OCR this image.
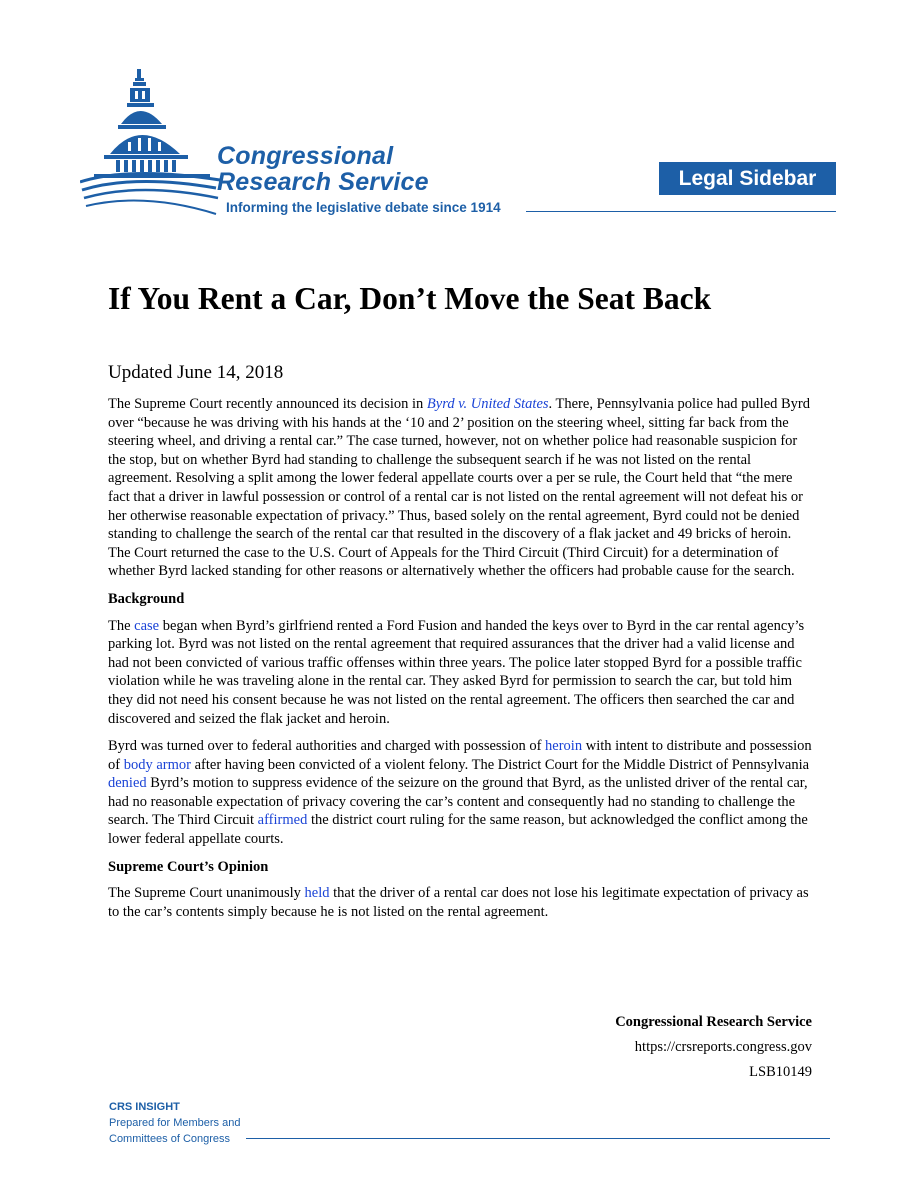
Congressional
Research Service
Informing the legislative debate since 1914
Legal Sidebar
If You Rent a Car, Don’t Move the Seat Back
Updated June 14, 2018

The Supreme Court recently announced its decision in Byrd v. United States. There, Pennsylvania police had pulled Byrd over “because he was driving with his hands at the ‘10 and 2’ position on the steering wheel, sitting far back from the steering wheel, and driving a rental car.” The case turned, however, not on whether police had reasonable suspicion for the stop, but on whether Byrd had standing to challenge the subsequent search if he was not listed on the rental agreement. Resolving a split among the lower federal appellate courts over a per se rule, the Court held that “the mere fact that a driver in lawful possession or control of a rental car is not listed on the rental agreement will not defeat his or her otherwise reasonable expectation of privacy.” Thus, based solely on the rental agreement, Byrd could not be denied standing to challenge the search of the rental car that resulted in the discovery of a flak jacket and 49 bricks of heroin. The Court returned the case to the U.S. Court of Appeals for the Third Circuit (Third Circuit) for a determination of whether Byrd lacked standing for other reasons or alternatively whether the officers had probable cause for the search.

Background

The case began when Byrd’s girlfriend rented a Ford Fusion and handed the keys over to Byrd in the car rental agency’s parking lot. Byrd was not listed on the rental agreement that required assurances that the driver had a valid license and had not been convicted of various traffic offenses within three years. The police later stopped Byrd for a possible traffic violation while he was traveling alone in the rental car. They asked Byrd for permission to search the car, but told him they did not need his consent because he was not listed on the rental agreement. The officers then searched the car and discovered and seized the flak jacket and heroin.

Byrd was turned over to federal authorities and charged with possession of heroin with intent to distribute and possession of body armor after having been convicted of a violent felony. The District Court for the Middle District of Pennsylvania denied Byrd’s motion to suppress evidence of the seizure on the ground that Byrd, as the unlisted driver of the rental car, had no reasonable expectation of privacy covering the car’s content and consequently had no standing to challenge the search. The Third Circuit affirmed the district court ruling for the same reason, but acknowledged the conflict among the lower federal appellate courts.

Supreme Court’s Opinion

The Supreme Court unanimously held that the driver of a rental car does not lose his legitimate expectation of privacy as to the car’s contents simply because he is not listed on the rental agreement.

Congressional Research Service
https://crsreports.congress.gov
LSB10149
CRS INSIGHT
Prepared for Members and
Committees of Congress
